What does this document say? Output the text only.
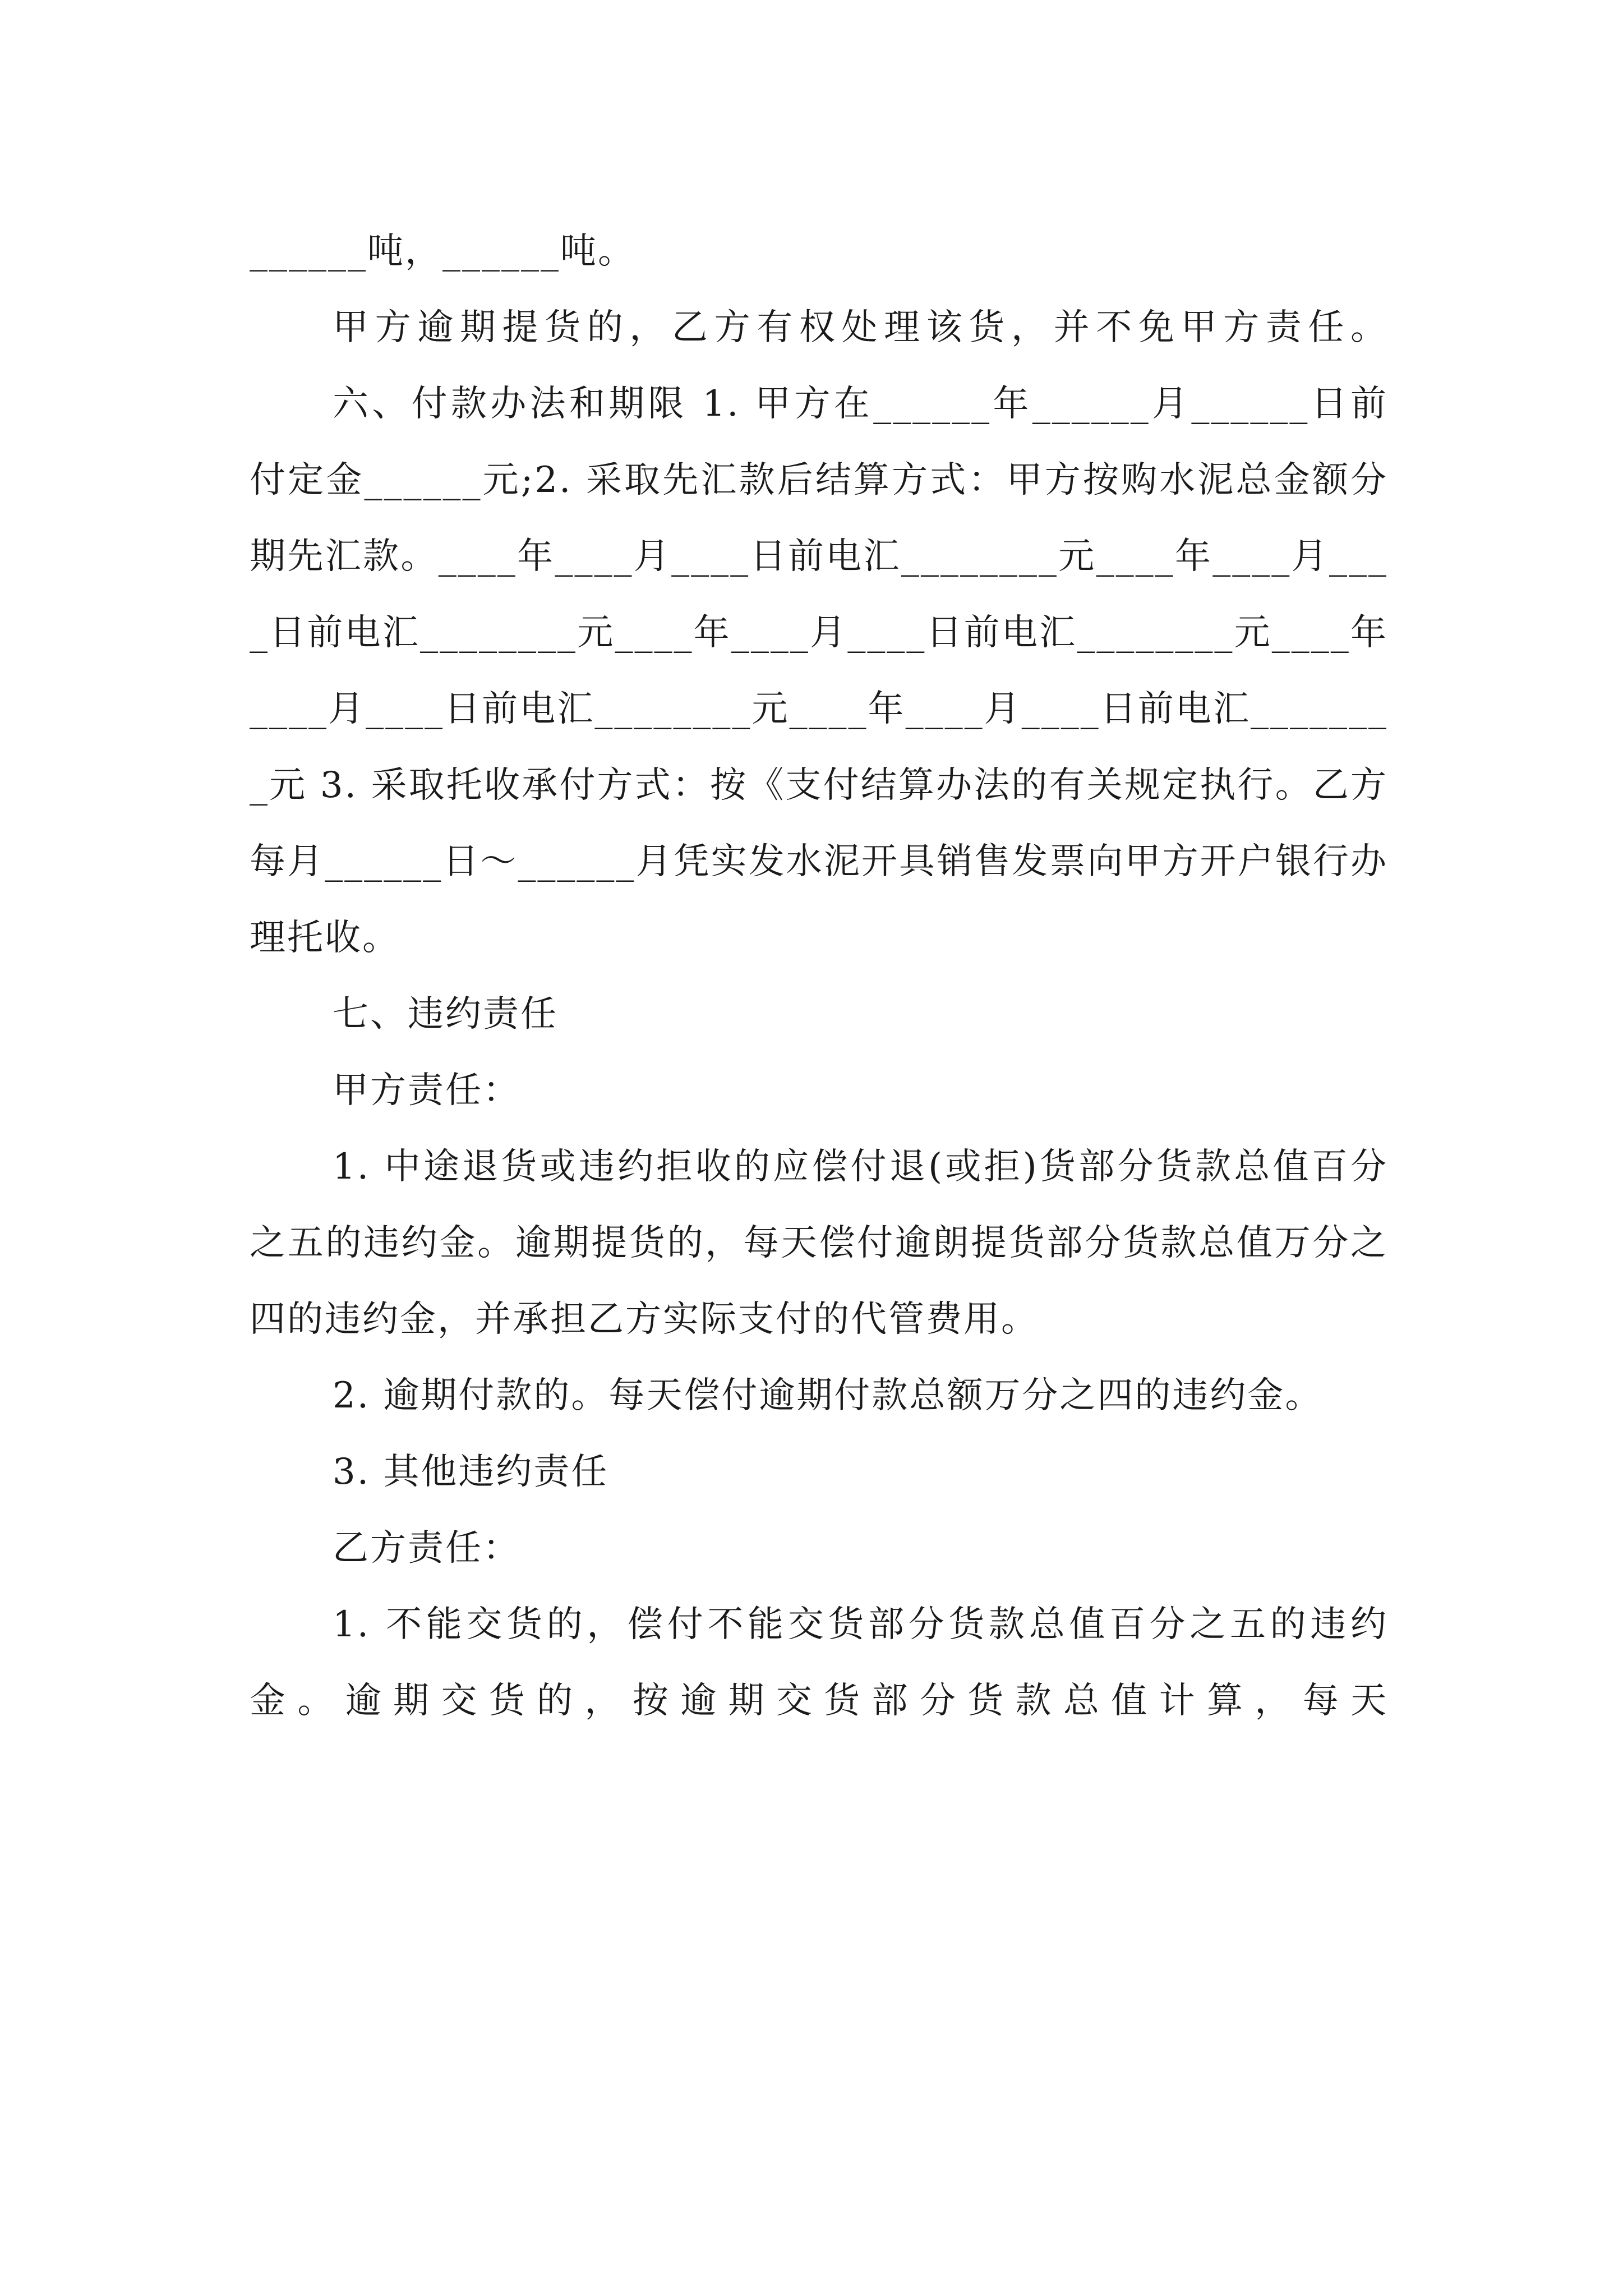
______吨，______吨。

甲方逾期提货的，乙方有权处理该货，并不免甲方责任。

六、付款办法和期限 1. 甲方在______年______月______日前付定金______元;2. 采取先汇款后结算方式：甲方按购水泥总金额分期先汇款。____年____月____日前电汇________元____年____月____日前电汇________元____年____月____日前电汇________元____年____月____日前电汇________元____年____月____日前电汇________元 3. 采取托收承付方式：按《支付结算办法的有关规定执行。乙方每月______日～______月凭实发水泥开具销售发票向甲方开户银行办理托收。

七、违约责任

甲方责任：

1. 中途退货或违约拒收的应偿付退(或拒)货部分货款总值百分之五的违约金。逾期提货的，每天偿付逾朗提货部分货款总值万分之四的违约金，并承担乙方实际支付的代管费用。

2. 逾期付款的。每天偿付逾期付款总额万分之四的违约金。

3. 其他违约责任

乙方责任：

1. 不能交货的，偿付不能交货部分货款总值百分之五的违约金。逾期交货的，按逾期交货部分货款总值计算，每天
